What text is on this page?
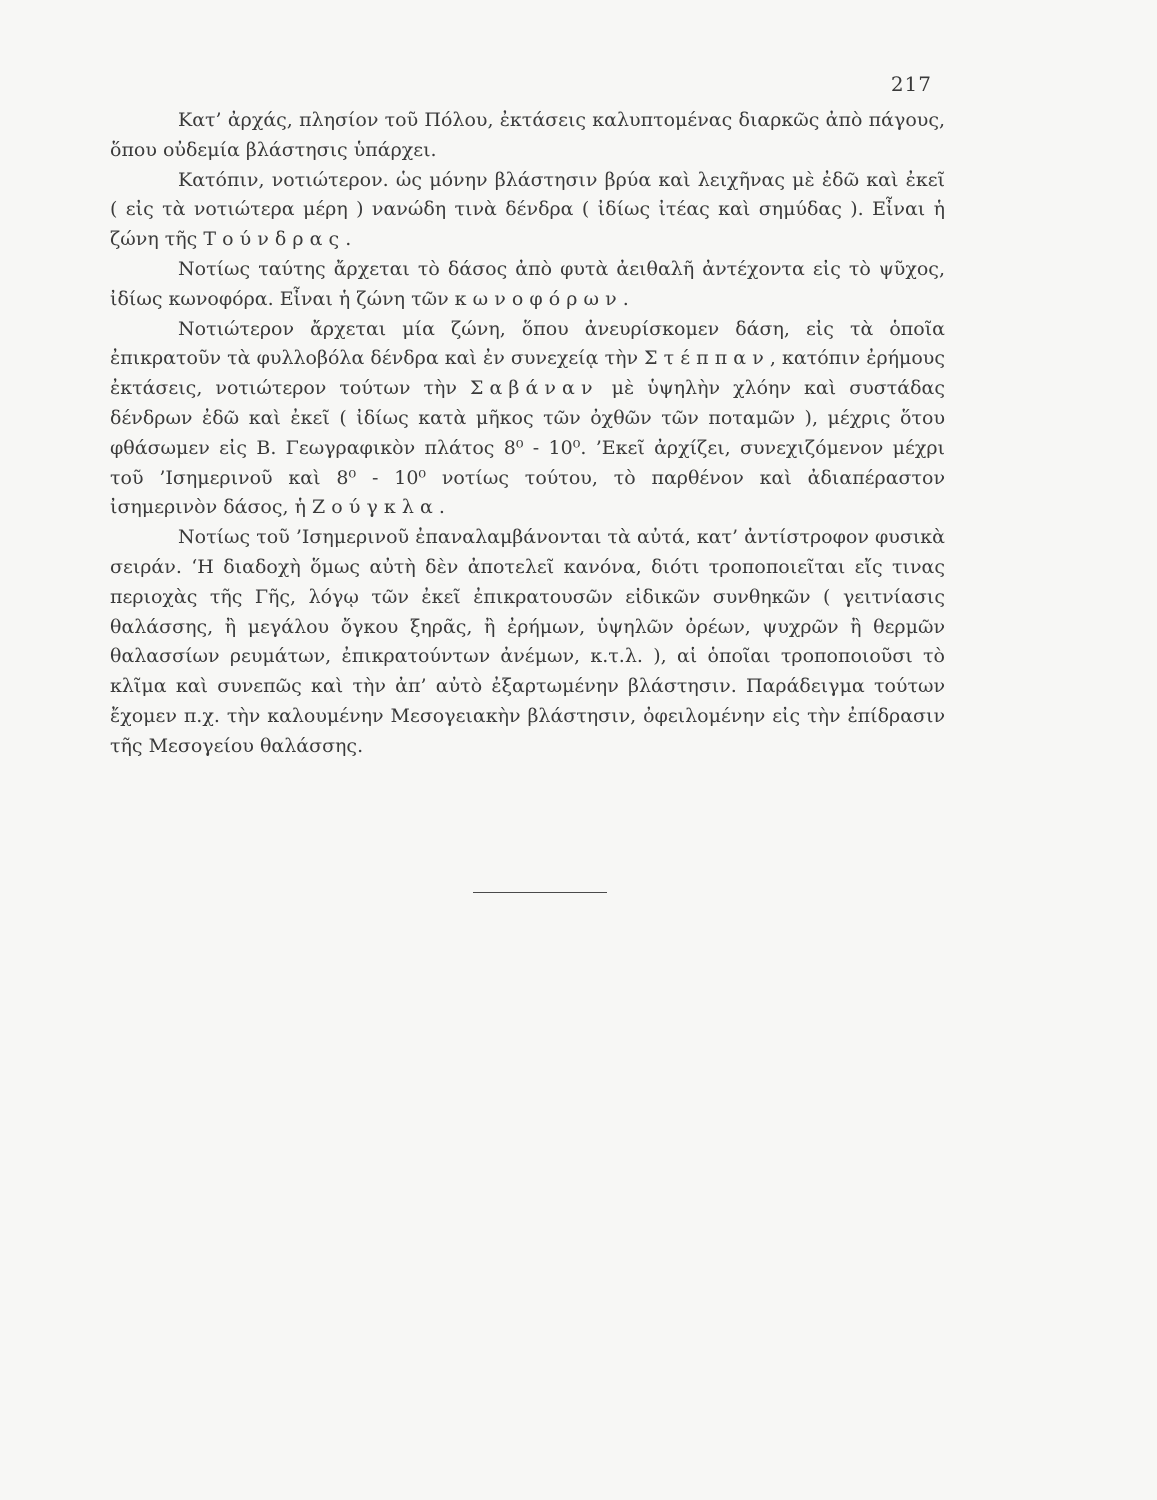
217

Κατ’ ἀρχάς, πλησίον τοῦ Πόλου, ἐκτάσεις καλυπτομένας διαρκῶς ἀπὸ πάγους, ὅπου οὐδεμία βλάστησις ὑπάρχει.

Κατόπιν, νοτιώτερον. ὡς μόνην βλάστησιν βρύα καὶ λειχῆνας μὲ ἐδῶ καὶ ἐκεῖ ( εἰς τὰ νοτιώτερα μέρη ) νανώδη τινὰ δένδρα ( ἰδίως ἰτέας καὶ σημύδας ). Εἶναι ἡ ζώνη τῆς Τούνδρας.

Νοτίως ταύτης ἄρχεται τὸ δάσος ἀπὸ φυτὰ ἀειθαλῆ ἀντέχοντα εἰς τὸ ψῦχος, ἰδίως κωνοφόρα. Εἶναι ἡ ζώνη τῶν κωνοφόρων.

Νοτιώτερον ἄρχεται μία ζώνη, ὅπου ἀνευρίσκομεν δάση, εἰς τὰ ὁποῖα ἐπικρατοῦν τὰ φυλλοβόλα δένδρα καὶ ἐν συνεχείᾳ τὴν Στέππαν, κατόπιν ἐρήμους ἐκτάσεις, νοτιώτερον τούτων τὴν Σαβάναν μὲ ὑψηλὴν χλόην καὶ συστάδας δένδρων ἐδῶ καὶ ἐκεῖ ( ἰδίως κατὰ μῆκος τῶν ὀχθῶν τῶν ποταμῶν ), μέχρις ὅτου φθάσωμεν εἰς Β. Γεωγραφικὸν πλάτος 8⁰ - 10⁰. ’Εκεῖ ἀρχίζει, συνεχιζόμενον μέχρι τοῦ ’Ισημερινοῦ καὶ 8⁰ - 10⁰ νοτίως τούτου, τὸ παρθένον καὶ ἀδιαπέραστον ἰσημερινὸν δάσος, ἡ Ζούγκλα.

Νοτίως τοῦ ’Ισημερινοῦ ἐπαναλαμβάνονται τὰ αὐτά, κατ’ ἀντίστροφον φυσικὰ σειράν. ‘Η διαδοχὴ ὅμως αὐτὴ δὲν ἀποτελεῖ κανόνα, διότι τροποποιεῖται εἴς τινας περιοχὰς τῆς Γῆς, λόγῳ τῶν ἐκεῖ ἐπικρατουσῶν εἰδικῶν συνθηκῶν ( γειτνίασις θαλάσσης, ἢ μεγάλου ὄγκου ξηρᾶς, ἢ ἐρήμων, ὑψηλῶν ὀρέων, ψυχρῶν ἢ θερμῶν θαλασσίων ρευμάτων, ἐπικρατούντων ἀνέμων, κ.τ.λ. ), αἱ ὁποῖαι τροποποιοῦσι τὸ κλῖμα καὶ συνεπῶς καὶ τὴν ἀπ’ αὐτὸ ἐξαρτωμένην βλάστησιν. Παράδειγμα τούτων ἔχομεν π.χ. τὴν καλουμένην Μεσογειακὴν βλάστησιν, ὀφειλομένην εἰς τὴν ἐπίδρασιν τῆς Μεσογείου θαλάσσης.
